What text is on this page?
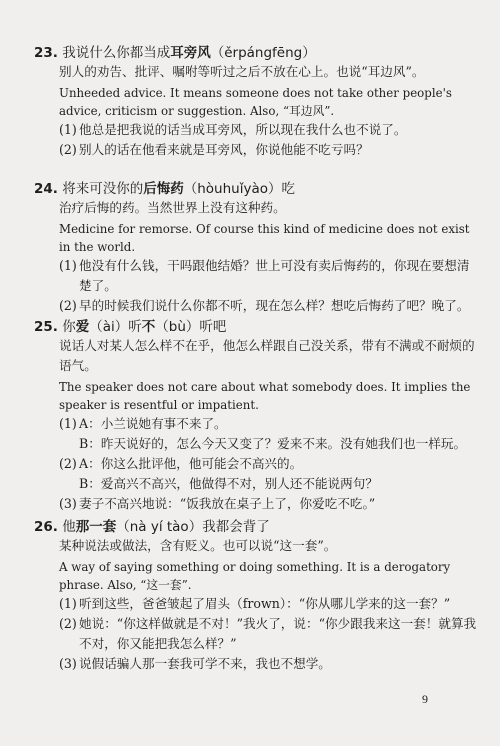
23. 我说什么你都当成耳旁风（ěrpángfēng）
别人的劝告、批评、嘱咐等听过之后不放在心上。也说“耳边风”。
Unheeded advice. It means someone does not take other people's advice, criticism or suggestion. Also, “耳边风”.
(1) 他总是把我说的话当成耳旁风，所以现在我什么也不说了。
(2) 别人的话在他看来就是耳旁风，你说他能不吃亏吗？
24. 将来可没你的后悔药（hòuhuǐyào）吃
治疗后悔的药。当然世界上没有这种药。
Medicine for remorse. Of course this kind of medicine does not exist in the world.
(1) 他没有什么钱，干吗跟他结婚？世上可没有卖后悔药的，你现在要想清楚了。
(2) 早的时候我们说什么你都不听，现在怎么样？想吃后悔药了吧？晚了。
25. 你爱（ài）听不（bù）听吧
说话人对某人怎么样不在乎，他怎么样跟自己没关系，带有不满或不耐烦的语气。
The speaker does not care about what somebody does. It implies the speaker is resentful or impatient.
(1) A：小兰说她有事不来了。
B：昨天说好的，怎么今天又变了？爱来不来。没有她我们也一样玩。
(2) A：你这么批评他，他可能会不高兴的。
B：爱高兴不高兴，他做得不对，别人还不能说两句？
(3) 妻子不高兴地说：“饭我放在桌子上了，你爱吃不吃。”
26. 他那一套（nà yí tào）我都会背了
某种说法或做法，含有贬义。也可以说“这一套”。
A way of saying something or doing something. It is a derogatory phrase. Also, “这一套”.
(1) 听到这些，爸爸皱起了眉头（frown）：“你从哪儿学来的这一套？”
(2) 她说：“你这样做就是不对！”我火了，说：“你少跟我来这一套！就算我不对，你又能把我怎么样？”
(3) 说假话骗人那一套我可学不来，我也不想学。
9
